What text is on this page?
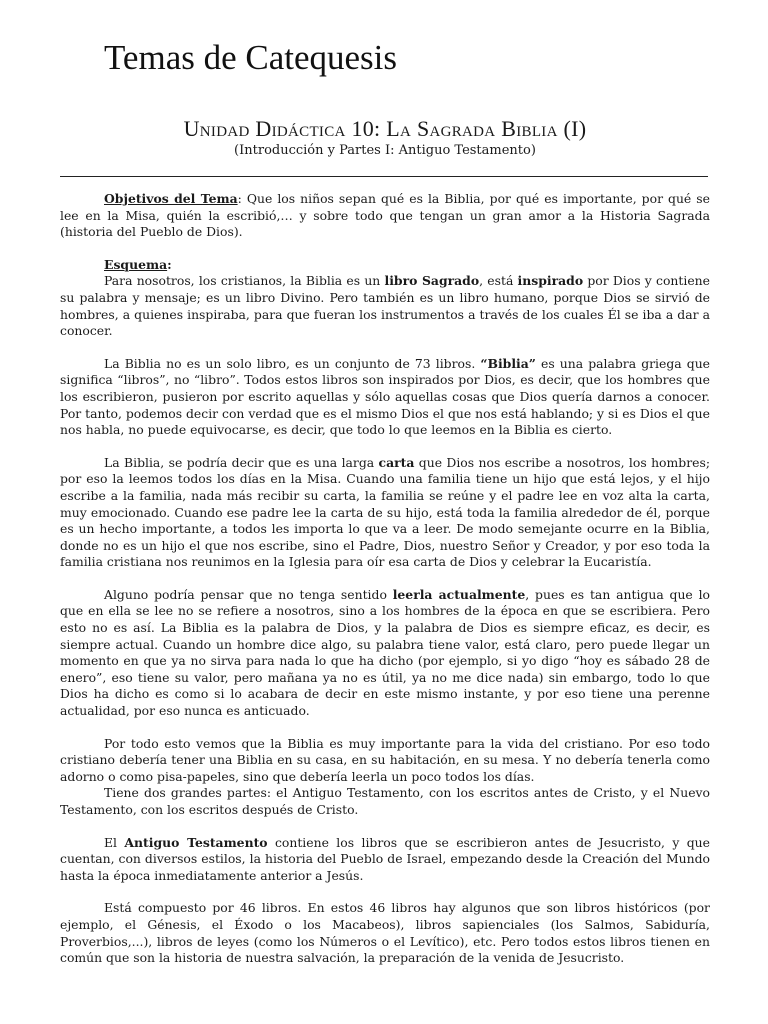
Temas de Catequesis
Unidad Didáctica 10: La Sagrada Biblia (I)
(Introducción y Partes I: Antiguo Testamento)

Objetivos del Tema: Que los niños sepan qué es la Biblia, por qué es importante, por qué se lee en la Misa, quién la escribió,… y sobre todo que tengan un gran amor a la Historia Sagrada (historia del Pueblo de Dios).

Esquema:

Para nosotros, los cristianos, la Biblia es un libro Sagrado, está inspirado por Dios y contiene su palabra y mensaje; es un libro Divino. Pero también es un libro humano, porque Dios se sirvió de hombres, a quienes inspiraba, para que fueran los instrumentos a través de los cuales Él se iba a dar a conocer.

La Biblia no es un solo libro, es un conjunto de 73 libros. “Biblia” es una palabra griega que significa “libros”, no “libro”. Todos estos libros son inspirados por Dios, es decir, que los hombres que los escribieron, pusieron por escrito aquellas y sólo aquellas cosas que Dios quería darnos a conocer. Por tanto, podemos decir con verdad que es el mismo Dios el que nos está hablando; y si es Dios el que nos habla, no puede equivocarse, es decir, que todo lo que leemos en la Biblia es cierto.

La Biblia, se podría decir que es una larga carta que Dios nos escribe a nosotros, los hombres; por eso la leemos todos los días en la Misa. Cuando una familia tiene un hijo que está lejos, y el hijo escribe a la familia, nada más recibir su carta, la familia se reúne y el padre lee en voz alta la carta, muy emocionado. Cuando ese padre lee la carta de su hijo, está toda la familia alrededor de él, porque es un hecho importante, a todos les importa lo que va a leer. De modo semejante ocurre en la Biblia, donde no es un hijo el que nos escribe, sino el Padre, Dios, nuestro Señor y Creador, y por eso toda la familia cristiana nos reunimos en la Iglesia para oír esa carta de Dios y celebrar la Eucaristía.

Alguno podría pensar que no tenga sentido leerla actualmente, pues es tan antigua que lo que en ella se lee no se refiere a nosotros, sino a los hombres de la época en que se escribiera. Pero esto no es así. La Biblia es la palabra de Dios, y la palabra de Dios es siempre eficaz, es decir, es siempre actual. Cuando un hombre dice algo, su palabra tiene valor, está claro, pero puede llegar un momento en que ya no sirva para nada lo que ha dicho (por ejemplo, si yo digo “hoy es sábado 28 de enero”, eso tiene su valor, pero mañana ya no es útil, ya no me dice nada) sin embargo, todo lo que Dios ha dicho es como si lo acabara de decir en este mismo instante, y por eso tiene una perenne actualidad, por eso nunca es anticuado.

Por todo esto vemos que la Biblia es muy importante para la vida del cristiano. Por eso todo cristiano debería tener una Biblia en su casa, en su habitación, en su mesa. Y no debería tenerla como adorno o como pisa-papeles, sino que debería leerla un poco todos los días.

Tiene dos grandes partes: el Antiguo Testamento, con los escritos antes de Cristo, y el Nuevo Testamento, con los escritos después de Cristo.

El Antiguo Testamento contiene los libros que se escribieron antes de Jesucristo, y que cuentan, con diversos estilos, la historia del Pueblo de Israel, empezando desde la Creación del Mundo hasta la época inmediatamente anterior a Jesús.

Está compuesto por 46 libros. En estos 46 libros hay algunos que son libros históricos (por ejemplo, el Génesis, el Éxodo o los Macabeos), libros sapienciales (los Salmos, Sabiduría, Proverbios,...), libros de leyes (como los Números o el Levítico), etc. Pero todos estos libros tienen en común que son la historia de nuestra salvación, la preparación de la venida de Jesucristo.
